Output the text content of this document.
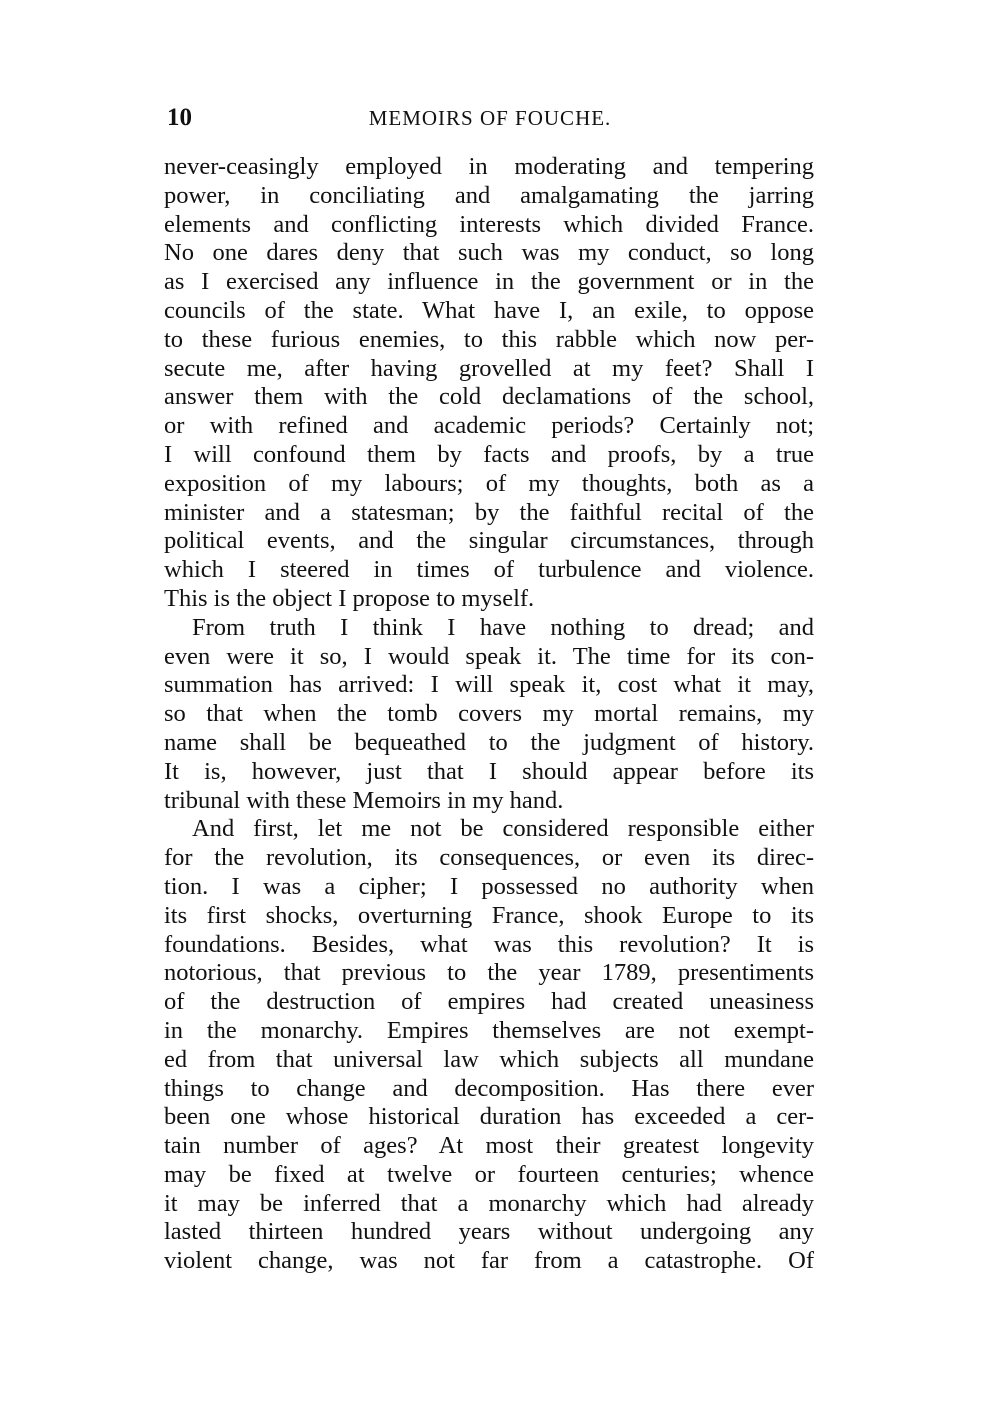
10	MEMOIRS OF FOUCHE.
never-ceasingly employed in moderating and tempering
power, in conciliating and amalgamating the jarring
elements and conflicting interests which divided France.
No one dares deny that such was my conduct, so long
as I exercised any influence in the government or in the
councils of the state. What have I, an exile, to oppose
to these furious enemies, to this rabble which now per-
secute me, after having grovelled at my feet? Shall I
answer them with the cold declamations of the school,
or with refined and academic periods? Certainly not;
I will confound them by facts and proofs, by a true
exposition of my labours; of my thoughts, both as a
minister and a statesman; by the faithful recital of the
political events, and the singular circumstances, through
which I steered in times of turbulence and violence.
This is the object I propose to myself.
From truth I think I have nothing to dread; and
even were it so, I would speak it. The time for its con-
summation has arrived: I will speak it, cost what it may,
so that when the tomb covers my mortal remains, my
name shall be bequeathed to the judgment of history.
It is, however, just that I should appear before its
tribunal with these Memoirs in my hand.
And first, let me not be considered responsible either
for the revolution, its consequences, or even its direc-
tion. I was a cipher; I possessed no authority when
its first shocks, overturning France, shook Europe to its
foundations. Besides, what was this revolution? It is
notorious, that previous to the year 1789, presentiments
of the destruction of empires had created uneasiness
in the monarchy. Empires themselves are not exempt-
ed from that universal law which subjects all mundane
things to change and decomposition. Has there ever
been one whose historical duration has exceeded a cer-
tain number of ages? At most their greatest longevity
may be fixed at twelve or fourteen centuries; whence
it may be inferred that a monarchy which had already
lasted thirteen hundred years without undergoing any
violent change, was not far from a catastrophe. Of
